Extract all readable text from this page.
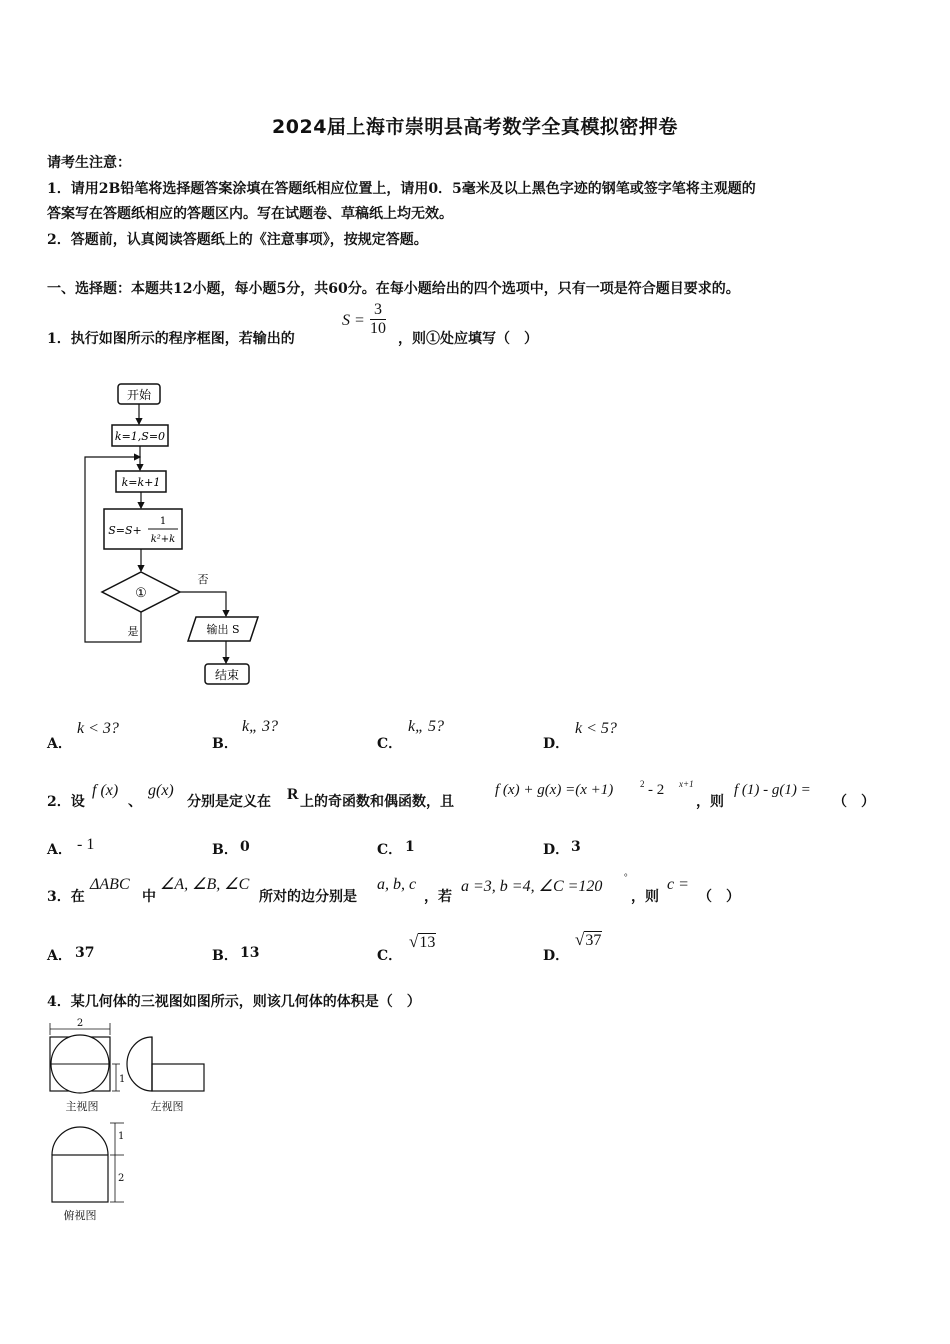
2024届上海市崇明县高考数学全真模拟密押卷
请考生注意：
1．请用2B铅笔将选择题答案涂填在答题纸相应位置上，请用0．5毫米及以上黑色字迹的钢笔或签字笔将主观题的
答案写在答题纸相应的答题区内。写在试题卷、草稿纸上均无效。
2．答题前，认真阅读答题纸上的《注意事项》，按规定答题。
一、选择题：本题共12小题，每小题5分，共60分。在每小题给出的四个选项中，只有一项是符合题目要求的。
1．执行如图所示的程序框图，若输出的
$S = \frac{3}{10}$
，则①处应填写（　）
开始
k=1,S=0
k=k+1
S=S+
1
k²+k
①
否
是	输出 S
结束
A．
k < 3?
B．
k„ 3?
C．
k„ 5?
D．
k < 5?
2．设
f (x)
、
g(x)
分别是定义在 R 上的奇函数和偶函数，且
f (x) + g(x) =(x +1)	2 - 2 x+1
，则
f (1) - g(1) =
（　）
A． - 1	B． 0	C． 1	D． 3
3．在
ΔABC
中
∠A, ∠B, ∠C
所对的边分别是
a, b, c
，若
a =3, b =4, ∠C =120
°
，则
c =
（　）
A． 37	B． 13	C．
√13
D．
√37
4．某几何体的三视图如图所示，则该几何体的体积是（　）
2
1
主视图	左视图
1
2
俯视图
